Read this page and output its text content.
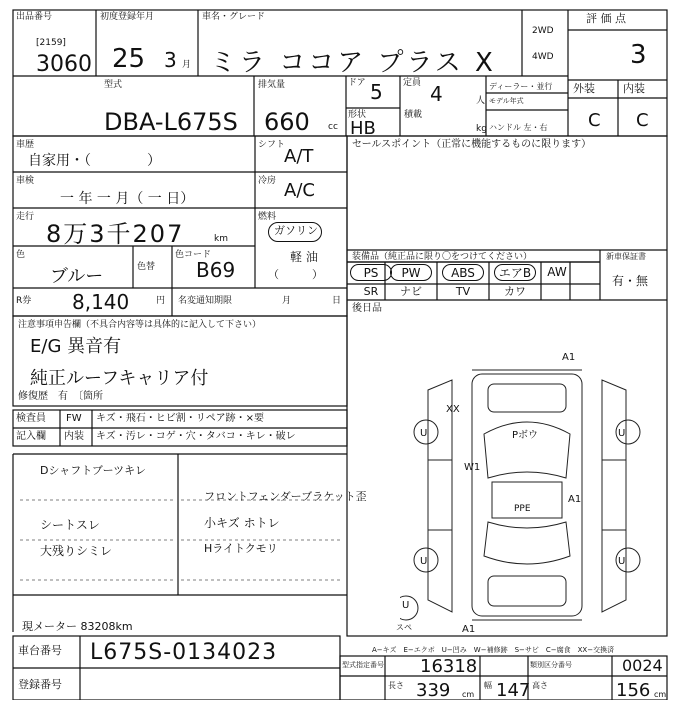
出品番号
[2159]
3060
初度登録年月
25 3 月
車名・グレード
ミラ ココア プラス X
2WD
4WD
評 価 点
3
型式
DBA-L675S
排気量
660 cc
ドア 5 定員 4	人
ディーラー・並行
モデル年式
外装	内装
C C
形状
HB
積載
kg ハンドル 左・右
車歴
自家用・（　　　　）
シフト
A/T
車検
一 年 一 月（ 一 日）
冷房 A/C
走行
8万3千207	km
燃料
ガソリン
軽 油
（　　　）
色
ブルー	色替
色コード
B69
R券 8,140	円 名変通知期限	月	日
注意事項申告欄（不具合内容等は具体的に記入して下さい）
E/G 異音有
純正ルーフキャリア付
修復歴　有　〔箇所
検査員
記入欄
FW キズ・飛石・ヒビ割・リペア跡・×要
内装 キズ・汚レ・コゲ・穴・タバコ・キレ・破レ
Dシャフトブーツキレ
シートスレ
大残りシミレ
フロントフェンダーブラケット歪
小キズ ホトレ
Hライトクモリ
現メーター 83208km
セールスポイント（正常に機能するものに限ります）
装備品（純正品に限り〇をつけてください）	新車保証書
有・無
PS	PW	ABS	エアB	AW
SR	ナビ	TV	カワ
後日品
A1
XX
U	Pボウ
W1
PPE
A1
U
U	U
U
スペ	A1
A−キズ　E−エクボ　U−凹み　W−補修跡　S−サビ　C−腐食　XX−交換済
車台番号 L675S-0134023
登録番号
型式指定番号 16318	類別区分番号	0024
長さ 339 cm
幅 147 高さ	156 cm
